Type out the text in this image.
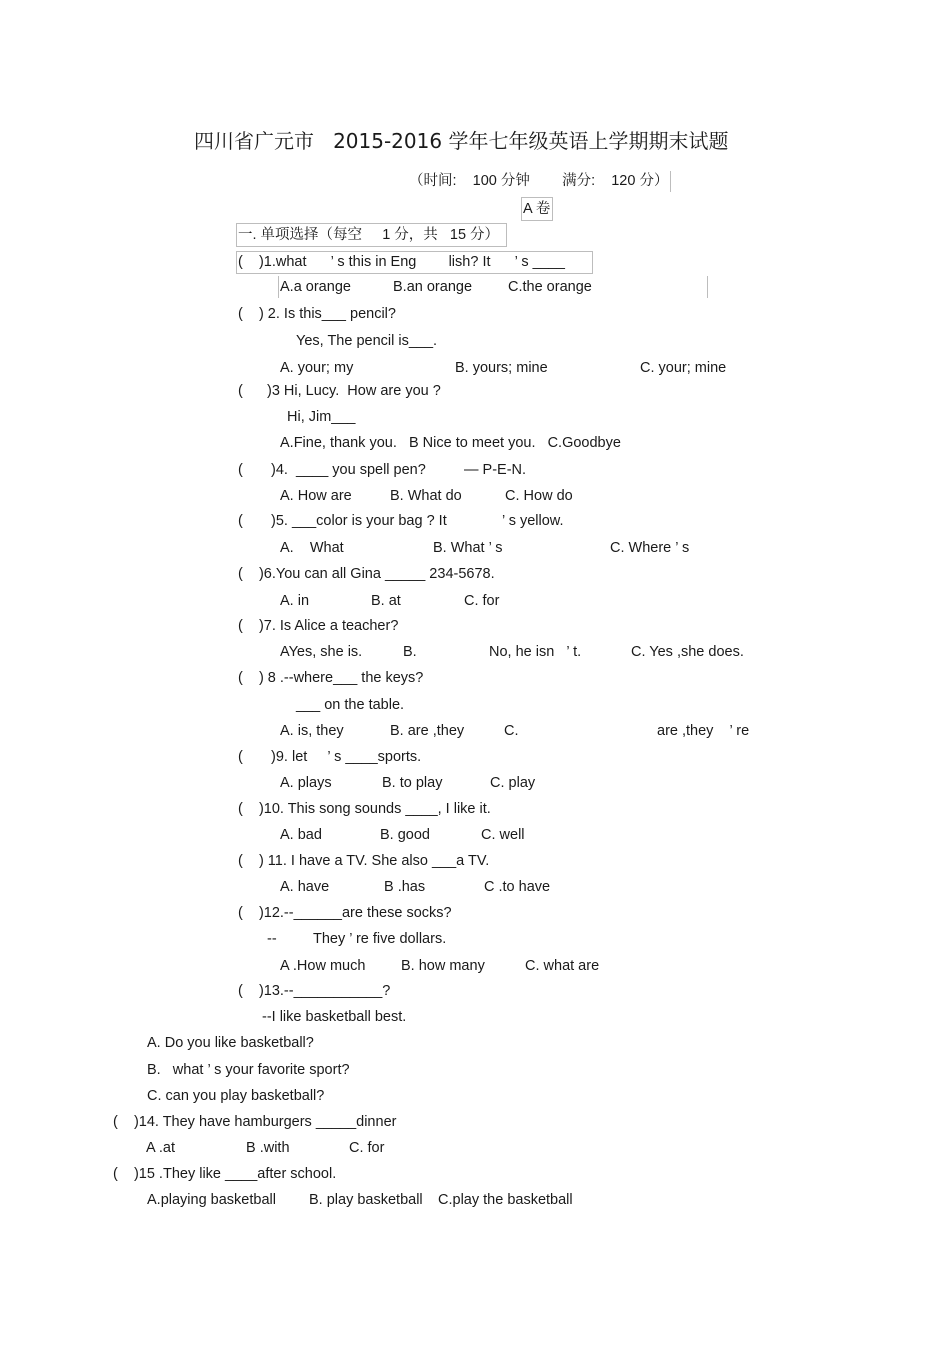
四川省广元市   2015-2016 学年七年级英语上学期期末试题
（时间:    100 分钟        满分:    120 分）
A 卷
一. 单项选择（每空     1 分，共   15 分）
(    )1.what      ’ s this in Eng        lish? It      ’ s ____
A.a orange	B.an orange C.the orange
(    ) 2. Is this___ pencil?
Yes, The pencil is___.
A. your; my	B. yours; mine	C. your; mine
(      )3 Hi, Lucy.  How are you ?
Hi, Jim___
A.Fine, thank you.   B Nice to meet you.   C.Goodbye
(       )4.  ____ you spell pen?	— P-E-N.
A. How are	B. What do	C. How do
(       )5. ___color is your bag ? It	’ s yellow.
A.    What	B. What ’ s	C. Where ’ s
(    )6.You can all Gina _____ 234-5678.
A. in	B. at	C. for
(    )7. Is Alice a teacher?
AYes, she is.	B.	No, he isn   ’ t.	C. Yes ,she does.
(    ) 8 .--where___ the keys?
___ on the table.
A. is, they	B. are ,they	C.	are ,they    ’ re
(       )9. let     ’ s ____sports.
A. plays	B. to play	C. play
(    )10. This song sounds ____, I like it.
A. bad	B. good	C. well
(    ) 11. I have a TV. She also ___a TV.
A. have	B .has	C .to have
(    )12.--______are these socks?
--	They ’ re five dollars.
A .How much B. how many	C. what are
(    )13.--___________?
--I like basketball best.
A. Do you like basketball?
B.   what ’ s your favorite sport?
C. can you play basketball?
(    )14. They have hamburgers _____dinner
A .at	B .with	C. for
(    )15 .They like ____after school.
A.playing basketball B. play basketball C.play the basketball
